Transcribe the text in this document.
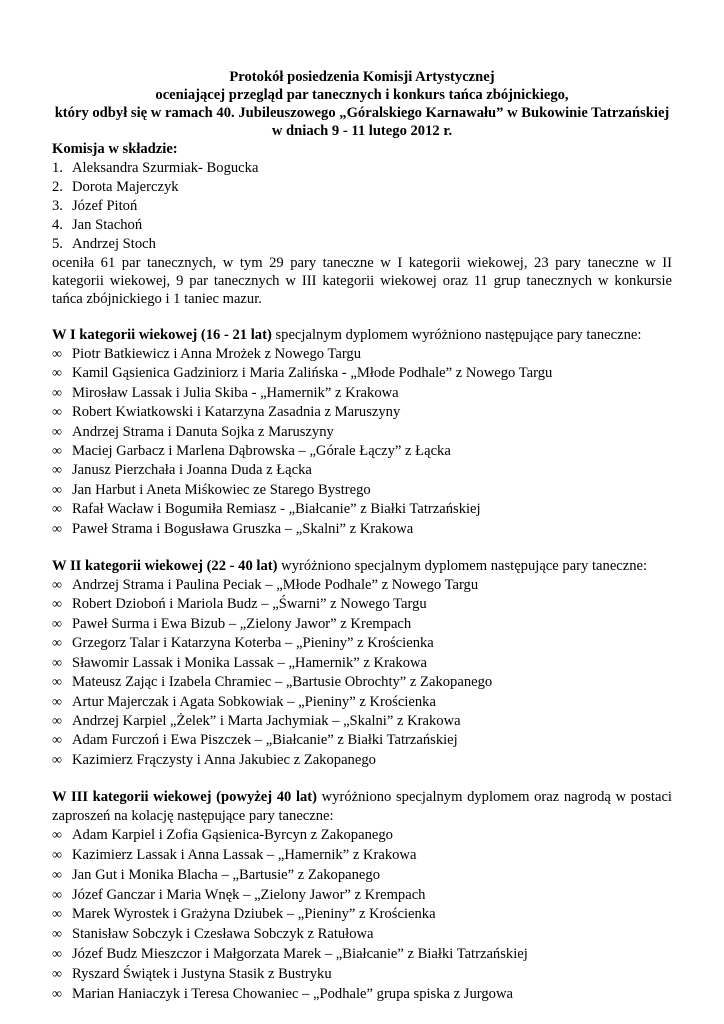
Protokół posiedzenia Komisji Artystycznej
oceniającej przegląd par tanecznych i konkurs tańca zbójnickiego,
który odbył się w ramach 40. Jubileuszowego „Góralskiego Karnawału” w Bukowinie Tatrzańskiej
w dniach 9 - 11 lutego 2012 r.
Komisja w składzie:
1. Aleksandra Szurmiak- Bogucka
2. Dorota Majerczyk
3. Józef Pitoń
4. Jan Stachoń
5. Andrzej Stoch
oceniła 61 par tanecznych, w tym 29 pary taneczne w I kategorii wiekowej, 23 pary taneczne w II kategorii wiekowej, 9 par tanecznych w III kategorii wiekowej oraz 11 grup tanecznych w konkursie tańca zbójnickiego i 1 taniec mazur.
W I kategorii wiekowej (16 - 21 lat) specjalnym dyplomem wyróżniono następujące pary taneczne:
∞ Piotr Batkiewicz i Anna Mrożek z Nowego Targu
∞ Kamil Gąsienica Gadziniorz i Maria Zalińska - „Młode Podhale” z Nowego Targu
∞ Mirosław Lassak i Julia Skiba - „Hamernik” z Krakowa
∞ Robert Kwiatkowski i Katarzyna Zasadnia z Maruszyny
∞ Andrzej Strama i Danuta Sojka z Maruszyny
∞ Maciej Garbacz i Marlena Dąbrowska – „Górale Łączy” z Łącka
∞ Janusz Pierzchała i Joanna Duda z Łącka
∞ Jan Harbut i Aneta Miśkowiec ze Starego Bystrego
∞ Rafał Wacław i Bogumiła Remiasz - „Białcanie” z Białki Tatrzańskiej
∞ Paweł Strama i Bogusława Gruszka – „Skalni” z Krakowa
W II kategorii wiekowej (22 - 40 lat) wyróżniono specjalnym dyplomem następujące pary taneczne:
∞ Andrzej Strama i Paulina Peciak – „Młode Podhale” z Nowego Targu
∞ Robert Dzioboń i Mariola Budz – „Śwarni” z Nowego Targu
∞ Paweł Surma i Ewa Bizub – „Zielony Jawor” z Krempach
∞ Grzegorz Talar i Katarzyna Koterba – „Pieniny” z Krościenka
∞ Sławomir Lassak i Monika Lassak – „Hamernik” z Krakowa
∞ Mateusz Zając i Izabela Chramiec – „Bartusie Obrochty” z Zakopanego
∞ Artur Majerczak i Agata Sobkowiak – „Pieniny” z Krościenka
∞ Andrzej Karpiel „Żelek” i Marta Jachymiak – „Skalni” z Krakowa
∞ Adam Furczoń i Ewa Piszczek – „Białcanie” z Białki Tatrzańskiej
∞ Kazimierz Frączysty i Anna Jakubiec z Zakopanego
W III kategorii wiekowej (powyżej 40 lat) wyróżniono specjalnym dyplomem oraz nagrodą w postaci zaproszeń na kolację następujące pary taneczne:
∞ Adam Karpiel i Zofia Gąsienica-Byrcyn z Zakopanego
∞ Kazimierz Lassak i Anna Lassak – „Hamernik” z Krakowa
∞ Jan Gut i Monika Blacha – „Bartusie” z Zakopanego
∞ Józef Ganczar i Maria Wnęk – „Zielony Jawor” z Krempach
∞ Marek Wyrostek i Grażyna Dziubek – „Pieniny” z Krościenka
∞ Stanisław Sobczyk i Czesława Sobczyk z Ratułowa
∞ Józef Budz Mieszczor i Małgorzata Marek – „Białcanie” z Białki Tatrzańskiej
∞ Ryszard Świątek i Justyna Stasik z Bustryku
∞ Marian Haniaczyk i Teresa Chowaniec – „Podhale” grupa spiska z Jurgowa
